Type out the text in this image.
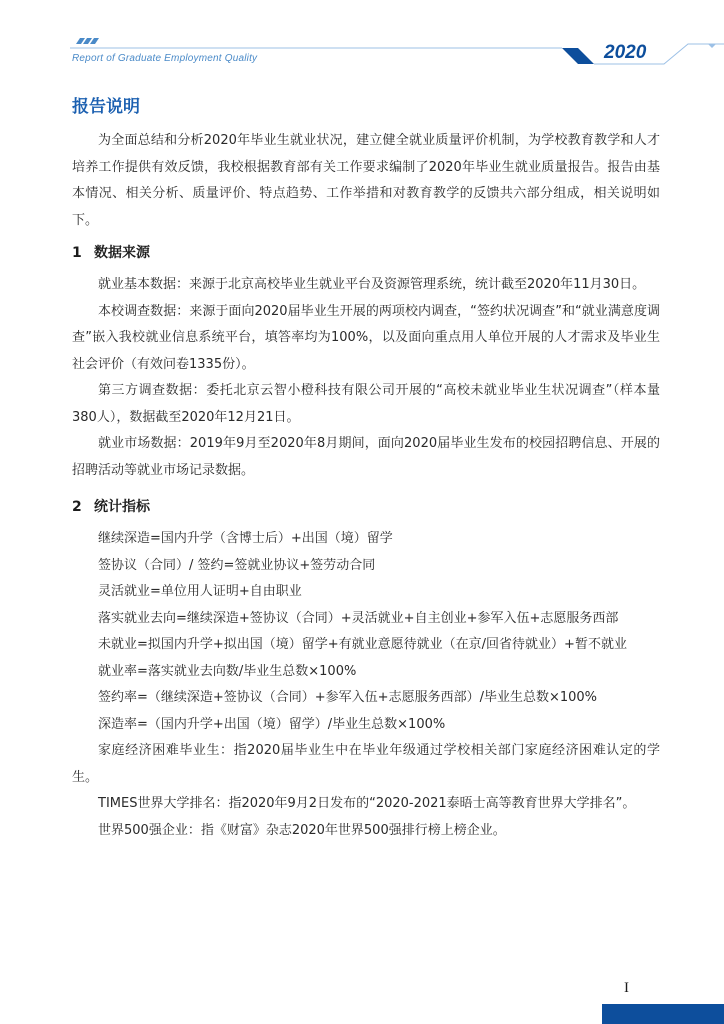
Report of Graduate Employment Quality	2020
报告说明

为全面总结和分析2020年毕业生就业状况，建立健全就业质量评价机制，为学校教育教学和人才培养工作提供有效反馈，我校根据教育部有关工作要求编制了2020年毕业生就业质量报告。报告由基本情况、相关分析、质量评价、特点趋势、工作举措和对教育教学的反馈共六部分组成，相关说明如下。

1 数据来源

就业基本数据：来源于北京高校毕业生就业平台及资源管理系统，统计截至2020年11月30日。

本校调查数据：来源于面向2020届毕业生开展的两项校内调查，“签约状况调查”和“就业满意度调查”嵌入我校就业信息系统平台，填答率均为100%，以及面向重点用人单位开展的人才需求及毕业生社会评价（有效问卷1335份）。

第三方调查数据：委托北京云智小橙科技有限公司开展的“高校未就业毕业生状况调查”（样本量380人），数据截至2020年12月21日。

就业市场数据：2019年9月至2020年8月期间，面向2020届毕业生发布的校园招聘信息、开展的招聘活动等就业市场记录数据。

2 统计指标

继续深造=国内升学（含博士后）+出国（境）留学

签协议（合同）/ 签约=签就业协议+签劳动合同

灵活就业=单位用人证明+自由职业

落实就业去向=继续深造+签协议（合同）+灵活就业+自主创业+参军入伍+志愿服务西部

未就业=拟国内升学+拟出国（境）留学+有就业意愿待就业（在京/回省待就业）+暂不就业

就业率=落实就业去向数/毕业生总数×100%

签约率=（继续深造+签协议（合同）+参军入伍+志愿服务西部）/毕业生总数×100%

深造率=（国内升学+出国（境）留学）/毕业生总数×100%

家庭经济困难毕业生：指2020届毕业生中在毕业年级通过学校相关部门家庭经济困难认定的学生。

TIMES世界大学排名：指2020年9月2日发布的“2020-2021泰晤士高等教育世界大学排名”。

世界500强企业：指《财富》杂志2020年世界500强排行榜上榜企业。

I
